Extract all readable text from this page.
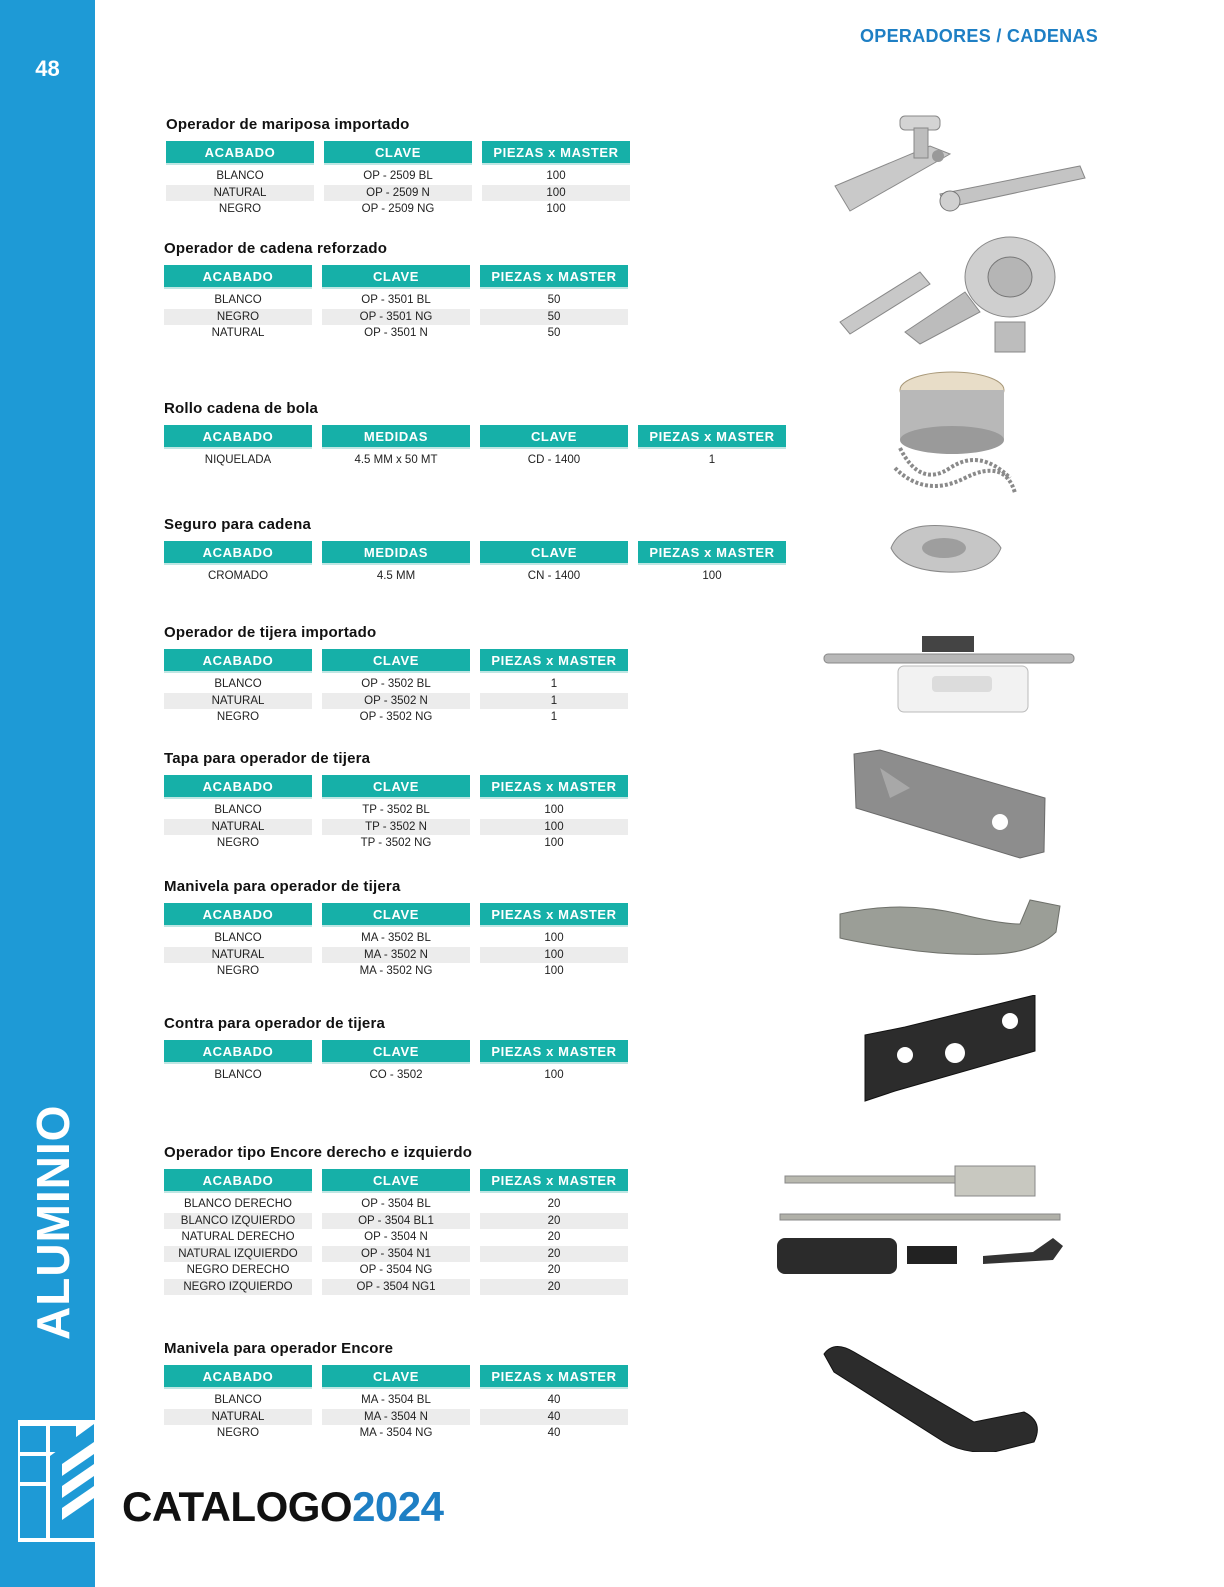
48
ALUMINIO
OPERADORES / CADENAS
CATALOGO2024
Operador de mariposa importado
ACABADO
BLANCO
NATURAL
NEGRO
CLAVE
OP - 2509 BL
OP - 2509 N
OP - 2509 NG
PIEZAS x MASTER
100
100
100
Operador de cadena reforzado
ACABADO
BLANCO
NEGRO
NATURAL
CLAVE
OP - 3501 BL
OP - 3501 NG
OP - 3501 N
PIEZAS x MASTER
50
50
50
Rollo cadena de bola
ACABADO
NIQUELADA
MEDIDAS
4.5 MM x 50 MT
CLAVE
CD - 1400
PIEZAS x MASTER
1
Seguro para cadena
ACABADO
CROMADO
MEDIDAS
4.5 MM
CLAVE
CN - 1400
PIEZAS x MASTER
100
Operador de tijera importado
ACABADO
BLANCO
NATURAL
NEGRO
CLAVE
OP - 3502 BL
OP - 3502 N
OP - 3502 NG
PIEZAS x MASTER
1
1
1
Tapa para operador de tijera
ACABADO
BLANCO
NATURAL
NEGRO
CLAVE
TP - 3502 BL
TP - 3502 N
TP - 3502 NG
PIEZAS x MASTER
100
100
100
Manivela para operador de tijera
ACABADO
BLANCO
NATURAL
NEGRO
CLAVE
MA - 3502 BL
MA - 3502 N
MA - 3502 NG
PIEZAS x MASTER
100
100
100
Contra para operador de tijera
ACABADO
BLANCO
CLAVE
CO - 3502
PIEZAS x MASTER
100
Operador tipo Encore derecho e izquierdo
ACABADO
BLANCO DERECHO
BLANCO IZQUIERDO
NATURAL DERECHO
NATURAL IZQUIERDO
NEGRO DERECHO
NEGRO IZQUIERDO
CLAVE
OP - 3504 BL
OP - 3504 BL1
OP - 3504 N
OP - 3504 N1
OP - 3504 NG
OP - 3504 NG1
PIEZAS x MASTER
20
20
20
20
20
20
Manivela para operador Encore
ACABADO
BLANCO
NATURAL
NEGRO
CLAVE
MA - 3504 BL
MA - 3504 N
MA - 3504 NG
PIEZAS x MASTER
40
40
40
